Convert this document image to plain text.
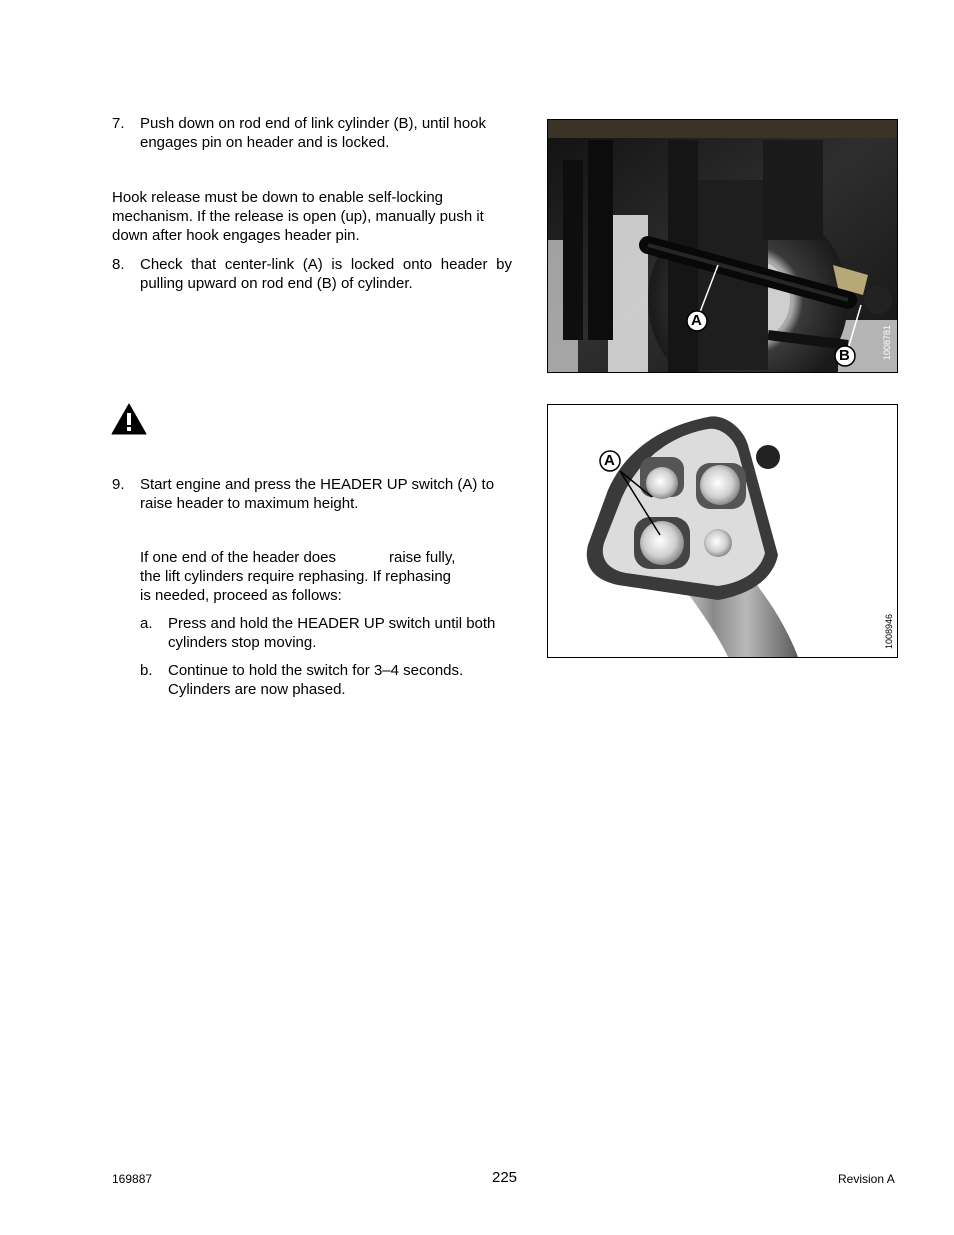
7. Push down on rod end of link cylinder (B), until hook engages pin on header and is locked.
Hook release must be down to enable self-locking mechanism. If the release is open (up), manually push it down after hook engages header pin.
8. Check that center-link (A) is locked onto header by pulling upward on rod end (B) of cylinder.
9. Start engine and press the HEADER UP switch (A) to raise header to maximum height.
If one end of the header does	raise fully,
the lift cylinders require rephasing. If rephasing
is needed, proceed as follows:
a. Press and hold the HEADER UP switch until both cylinders stop moving.
b. Continue to hold the switch for 3–4 seconds. Cylinders are now phased.
A
B	1008781
A
1008946
169887	225	Revision A
